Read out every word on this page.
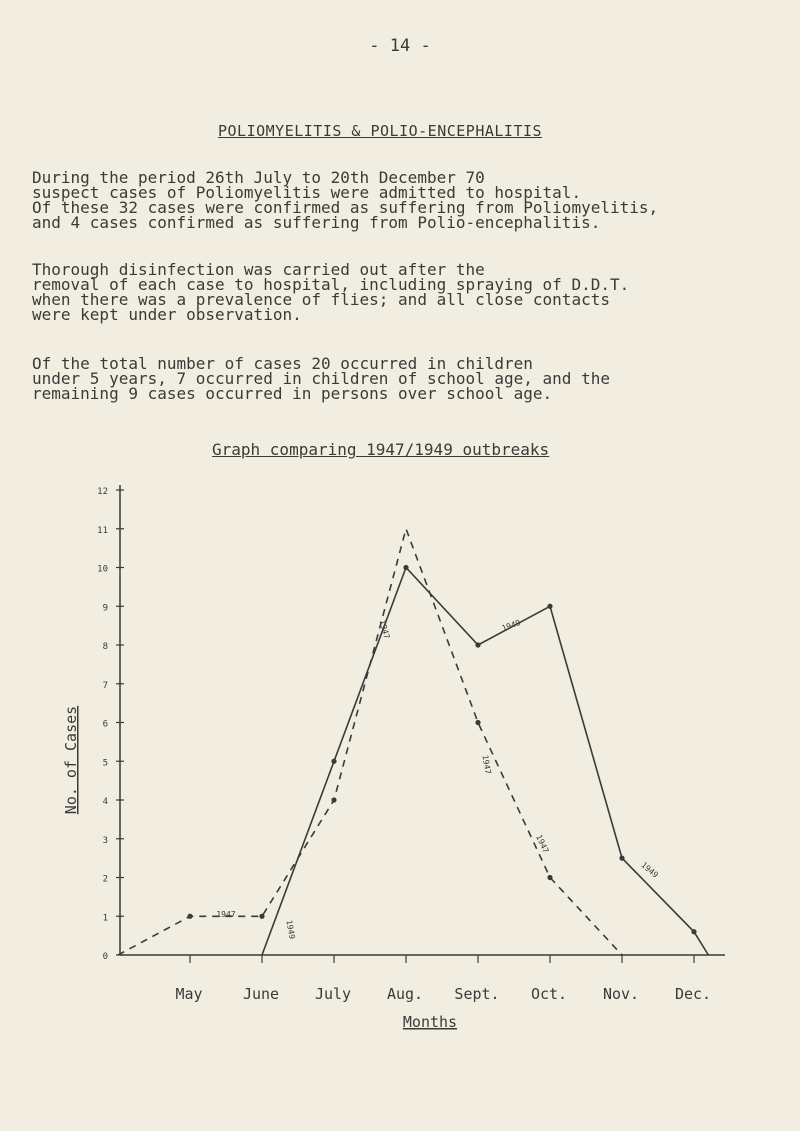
- 14 -
POLIOMYELITIS & POLIO-ENCEPHALITIS

During the period 26th July to 20th December 70
suspect cases of Poliomyelitis were admitted to hospital.
Of these 32 cases were confirmed as suffering from Poliomyelitis,
and 4 cases confirmed as suffering from Polio-encephalitis.

Thorough disinfection was carried out after the
removal of each case to hospital, including spraying of D.D.T.
when there was a prevalence of flies; and all close contacts
were kept under observation.

Of the total number of cases 20 occurred in children
under 5 years, 7 occurred in children of school age, and the
remaining 9 cases occurred in persons over school age.

Graph comparing 1947/1949 outbreaks
0
1
2
3
4
5
6
7
8
9
10
11
12
May	June July Aug. Sept. Oct. Nov. Dec.
Months
No. of Cases
1947
1949
1947	1949
1947
1947
1949
